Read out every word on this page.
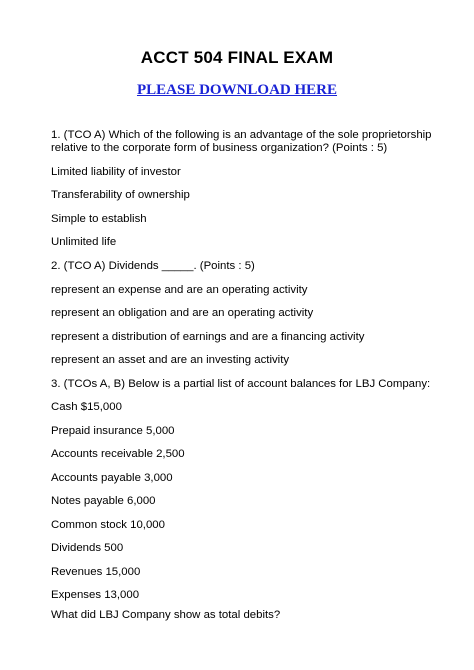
ACCT 504 FINAL EXAM
PLEASE DOWNLOAD HERE
1. (TCO A) Which of the following is an advantage of the sole proprietorship
relative to the corporate form of business organization? (Points : 5)
Limited liability of investor
Transferability of ownership
Simple to establish
Unlimited life
2. (TCO A) Dividends _____. (Points : 5)
represent an expense and are an operating activity
represent an obligation and are an operating activity
represent a distribution of earnings and are a financing activity
represent an asset and are an investing activity
3. (TCOs A, B) Below is a partial list of account balances for LBJ Company:
Cash $15,000
Prepaid insurance 5,000
Accounts receivable 2,500
Accounts payable 3,000
Notes payable 6,000
Common stock 10,000
Dividends 500
Revenues 15,000
Expenses 13,000
What did LBJ Company show as total debits?
